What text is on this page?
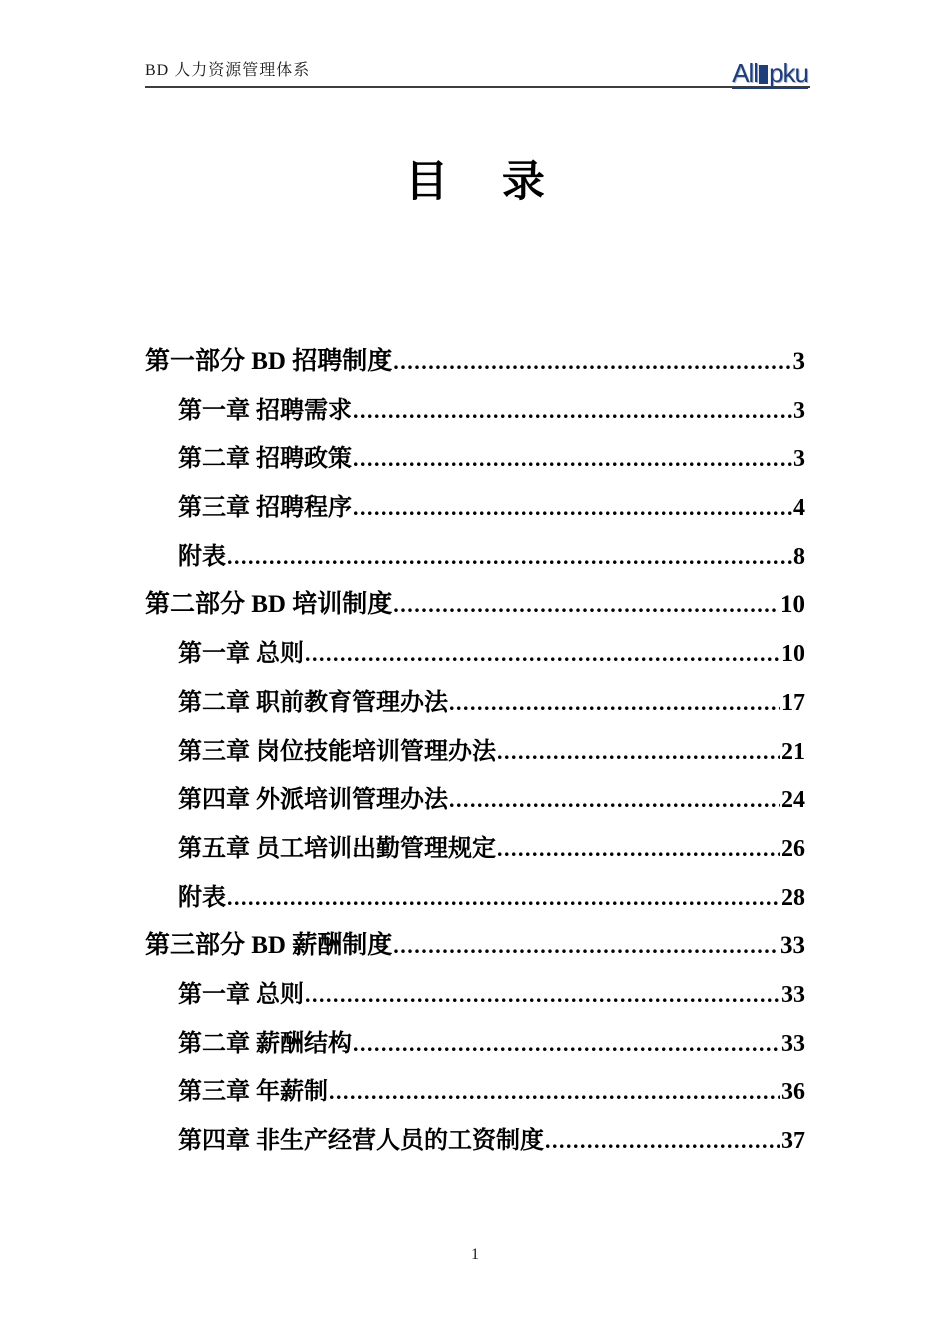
BD 人力资源管理体系	All pku
目　 录
第一部分 BD 招聘制度 .....	3
第一章 招聘需求 .....	3
第二章 招聘政策 .....	3
第三章 招聘程序 .....	4
附表 .....	8
第二部分 BD 培训制度 .....	10
第一章 总则 .....	10
第二章 职前教育管理办法 .....	17
第三章 岗位技能培训管理办法 .....	21
第四章 外派培训管理办法 .....	24
第五章 员工培训出勤管理规定 .....	26
附表 .....	28
第三部分 BD 薪酬制度 .....	33
第一章 总则 .....	33
第二章 薪酬结构 .....	33
第三章 年薪制 .....	36
第四章 非生产经营人员的工资制度 .....	37
1
